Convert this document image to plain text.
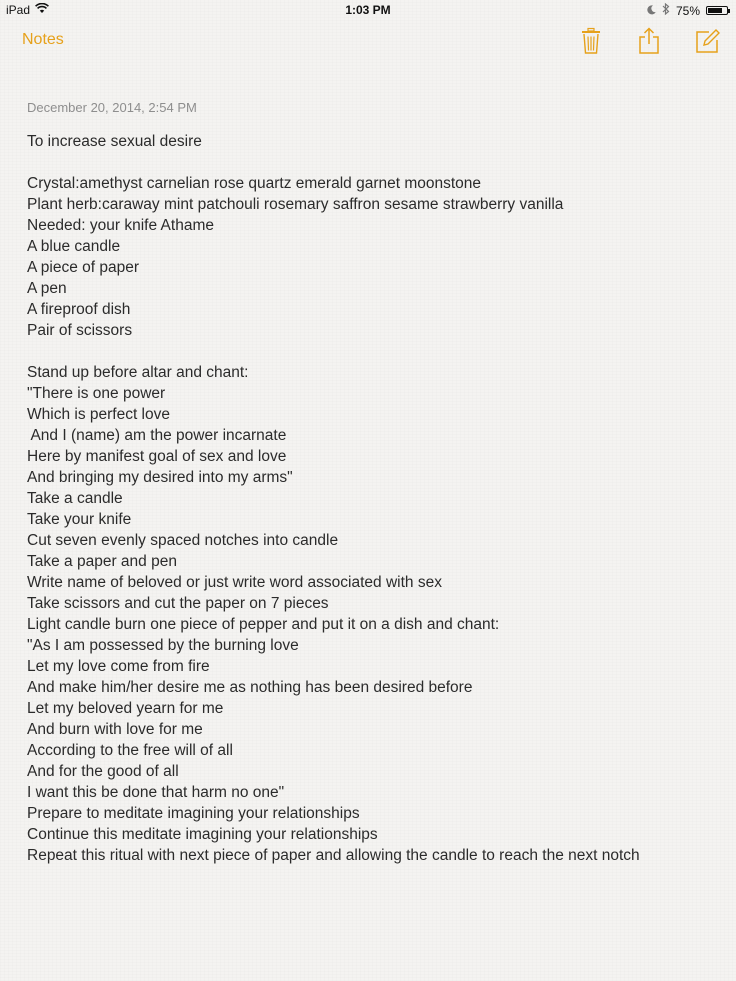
iPad	1:03 PM	75%
Notes
December 20, 2014, 2:54 PM
To increase sexual desire

Crystal:amethyst carnelian rose quartz emerald garnet moonstone
Plant herb:caraway mint patchouli rosemary saffron sesame strawberry vanilla
Needed: your knife Athame
A blue candle
A piece of paper
A pen
A fireproof dish
Pair of scissors

Stand up before altar and chant:
"There is one power
Which is perfect love
And I (name) am the power incarnate
Here by manifest goal of sex and love
And bringing my desired into my arms"
Take a candle
Take your knife
Cut seven evenly spaced notches into candle
Take a paper and pen
Write name of beloved or just write word associated with sex
Take scissors and cut the paper on 7 pieces
Light candle burn one piece of pepper and put it on a dish and chant:
"As I am possessed by the burning love
Let my love come from fire
And make him/her desire me as nothing has been desired before
Let my beloved yearn for me
And burn with love for me
According to the free will of all
And for the good of all
I want this be done that harm no one"
Prepare to meditate imagining your relationships
Continue this meditate imagining your relationships
Repeat this ritual with next piece of paper and allowing the candle to reach the next notch
